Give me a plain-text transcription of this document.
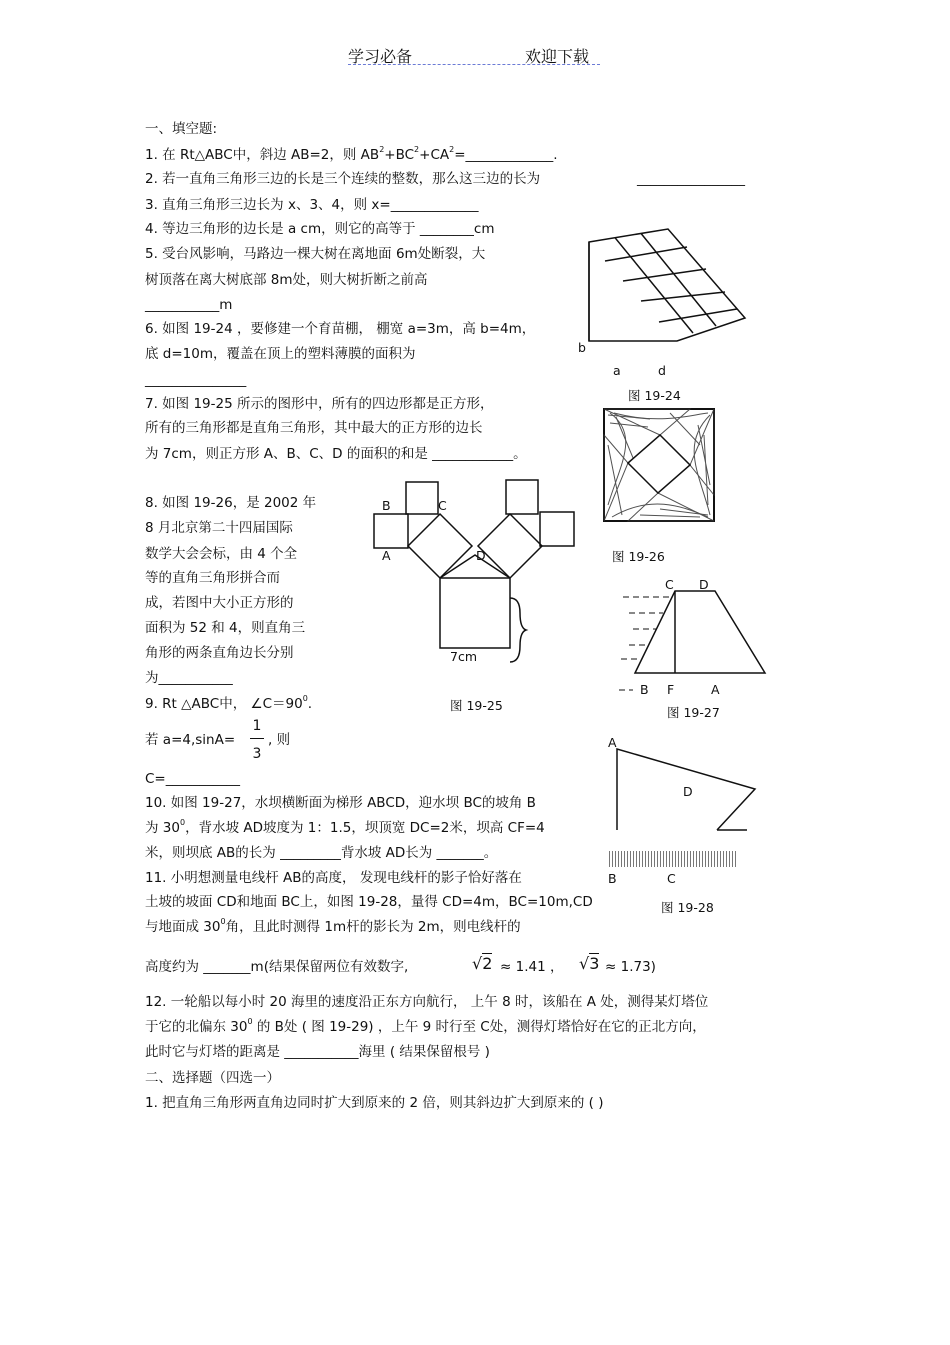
学习必备	欢迎下载
一、填空题:
1. 在 Rt△ABC中，斜边 AB=2，则 $AB^2+BC^2+CA^2=\_\_\_\_\_\_\_\_\_\_\_\_\_$.
2. 若一直角三角形三边的长是三个连续的整数，那么这三边的长为	________________
3. 直角三角形三边长为 x、3、4，则 x=_____________
4. 等边三角形的边长是 a cm，则它的高等于 ________cm
5. 受台风影响，马路边一棵大树在离地面 6m处断裂，大
树顶落在离大树底部 8m处，则大树折断之前高
___________m
6. 如图 19-24 ，要修建一个育苗棚， 棚宽 a=3m，高 b=4m，
底 d=10m，覆盖在顶上的塑料薄膜的面积为
_______________
7. 如图 19-25 所示的图形中，所有的四边形都是正方形，
所有的三角形都是直角三角形，其中最大的正方形的边长
为 7cm，则正方形 A、B、C、D 的面积的和是 ____________。
8. 如图 19-26，是 2002 年
8 月北京第二十四届国际
数学大会会标，由 4 个全
等的直角三角形拼合而
成，若图中大小正方形的
面积为 52 和 4，则直角三
角形的两条直角边长分别
为___________
9. Rt △ABC中， $\angle C=90^0$.
若 a=4,sinA=
1
3
, 则
C=___________
10. 如图 19-27，水坝横断面为梯形 ABCD，迎水坝 BC的坡角 B
为 $30^0$，背水坡 AD坡度为 1：1.5，坝顶宽 DC=2米，坝高 CF=4
米，则坝底 AB的长为 _________背水坡 AD长为 _______。
11. 小明想测量电线杆 AB的高度， 发现电线杆的影子恰好落在
土坡的坡面 CD和地面 BC上，如图 19-28，量得 CD=4m，BC=10m,CD
与地面成 $30^0$角，且此时测得 1m杆的影长为 2m，则电线杆的
高度约为 _______m(结果保留两位有效数字,	√2 ≈ 1.41 ， √3 ≈ 1.73)
12. 一轮船以每小时 20 海里的速度沿正东方向航行， 上午 8 时，该船在 A 处，测得某灯塔位
于它的北偏东 $30^0$ 的 B处 ( 图 19-29) ，上午 9 时行至 C处，测得灯塔恰好在它的正北方向，
此时它与灯塔的距离是 ___________海里 ( 结果保留根号 )
二、选择题（四选一）
1. 把直角三角形两直角边同时扩大到原来的 2 倍，则其斜边扩大到原来的 ( )
b
a	d
图 19-24
图 19-26
B	C
A	D
7cm
图 19-25
C D
B F	A
图 19-27
A
D
B	C
图 19-28
